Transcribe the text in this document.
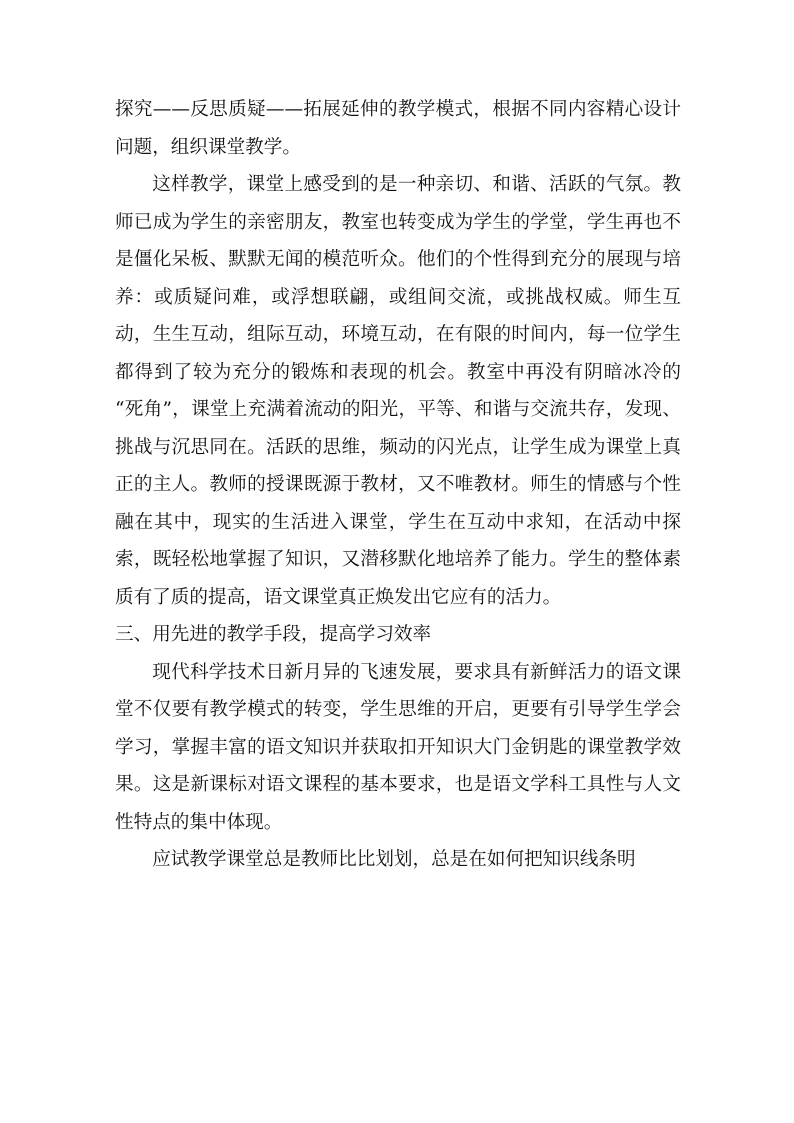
探究——反思质疑——拓展延伸的教学模式，根据不同内容精心设计问题，组织课堂教学。

这样教学，课堂上感受到的是一种亲切、和谐、活跃的气氛。教师已成为学生的亲密朋友，教室也转变成为学生的学堂，学生再也不是僵化呆板、默默无闻的模范听众。他们的个性得到充分的展现与培养：或质疑问难，或浮想联翩，或组间交流，或挑战权威。师生互动，生生互动，组际互动，环境互动，在有限的时间内，每一位学生都得到了较为充分的锻炼和表现的机会。教室中再没有阴暗冰冷的 “死角”，课堂上充满着流动的阳光，平等、和谐与交流共存，发现、挑战与沉思同在。活跃的思维，频动的闪光点，让学生成为课堂上真正的主人。教师的授课既源于教材，又不唯教材。师生的情感与个性融在其中，现实的生活进入课堂，学生在互动中求知，在活动中探索，既轻松地掌握了知识，又潜移默化地培养了能力。学生的整体素质有了质的提高，语文课堂真正焕发出它应有的活力。

三、用先进的教学手段，提高学习效率

现代科学技术日新月异的飞速发展，要求具有新鲜活力的语文课堂不仅要有教学模式的转变，学生思维的开启，更要有引导学生学会学习，掌握丰富的语文知识并获取扣开知识大门金钥匙的课堂教学效果。这是新课标对语文课程的基本要求，也是语文学科工具性与人文性特点的集中体现。

应试教学课堂总是教师比比划划，总是在如何把知识线条明
